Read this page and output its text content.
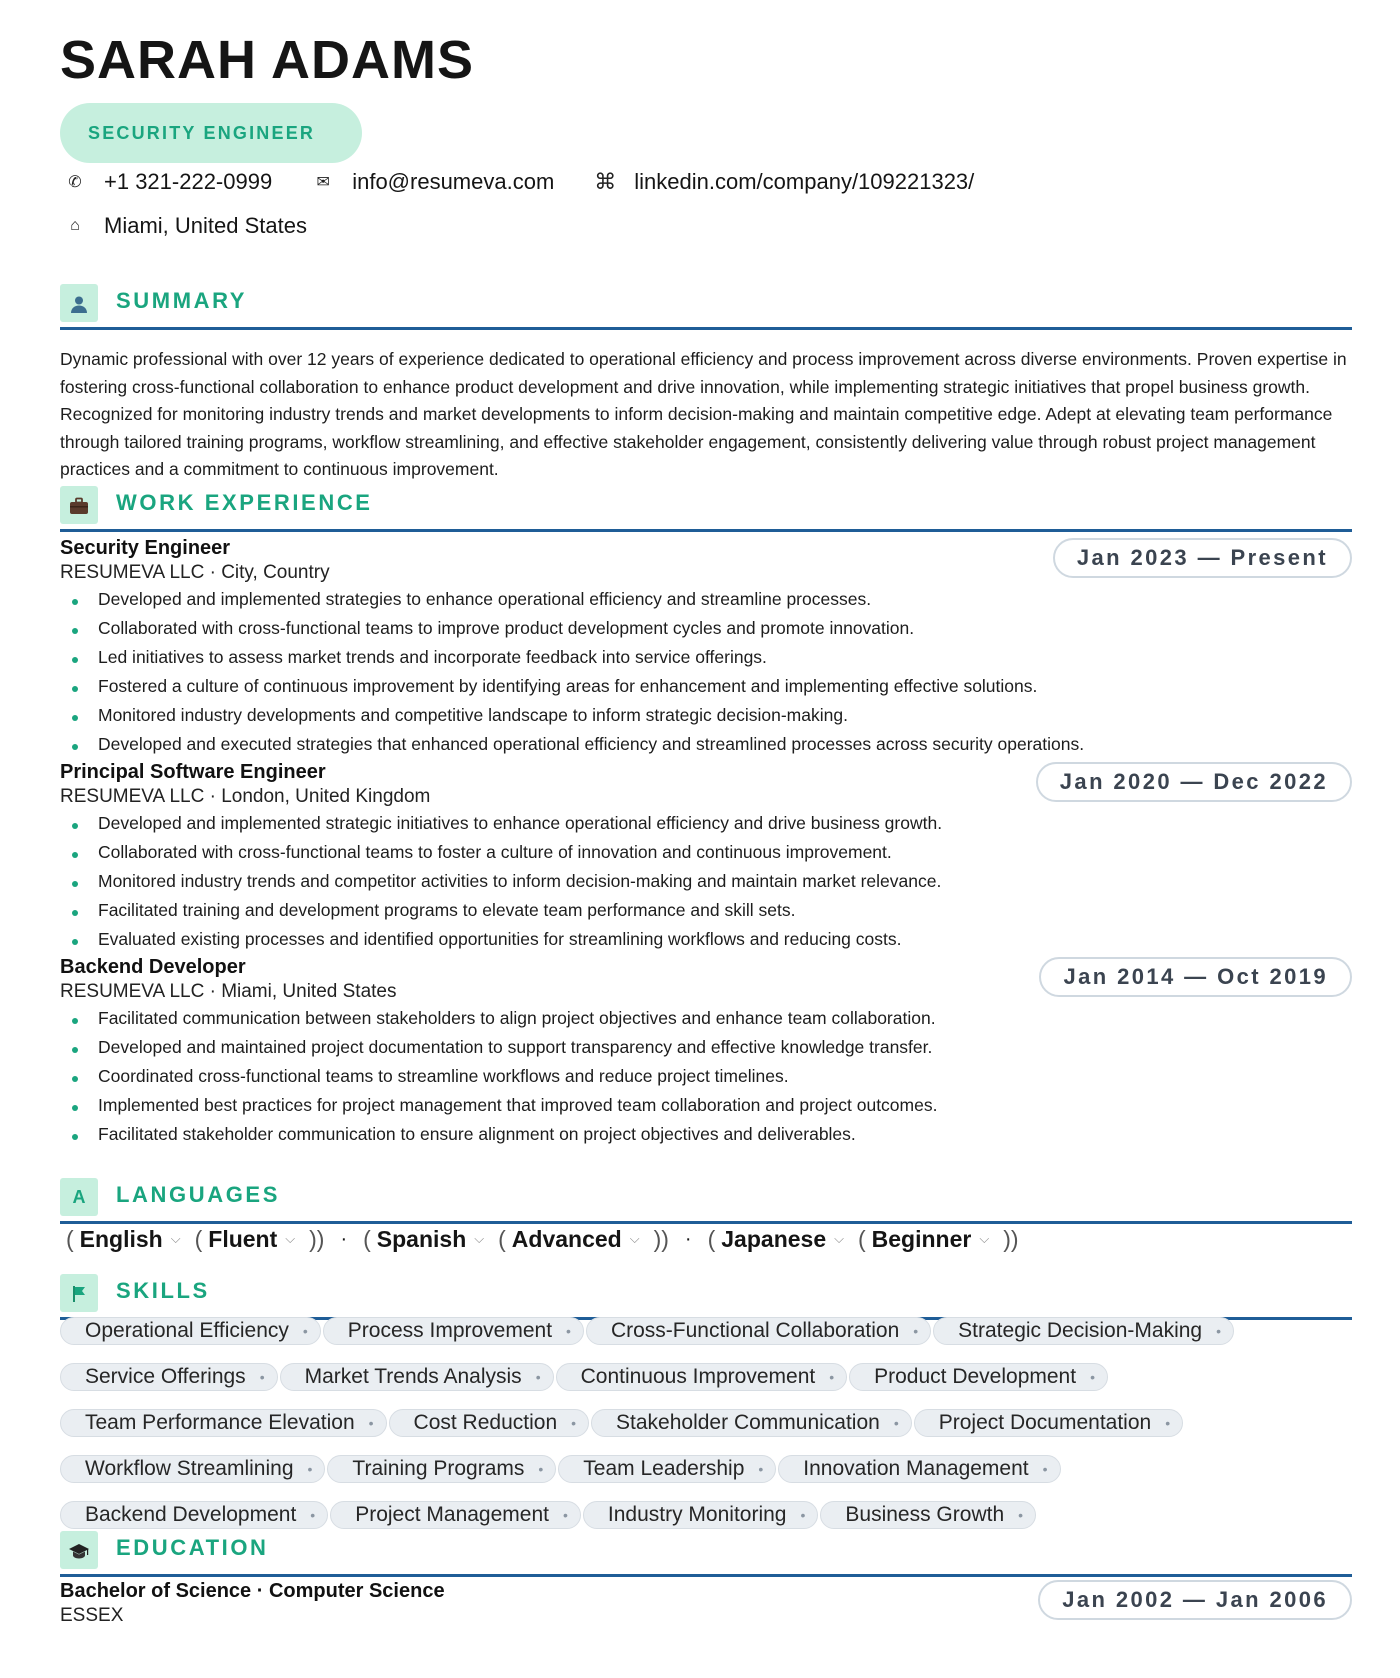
SARAH ADAMS
SECURITY ENGINEER
✆	+1 321-222-0999	✉	info@resumeva.com ⌘ linkedin.com/company/109221323/
⌂	Miami, United States
SUMMARY
Dynamic professional with over 12 years of experience dedicated to operational efficiency and process improvement across diverse environments. Proven expertise in fostering cross-functional collaboration to enhance product development and drive innovation, while implementing strategic initiatives that propel business growth. Recognized for monitoring industry trends and market developments to inform decision-making and maintain competitive edge. Adept at elevating team performance through tailored training programs, workflow streamlining, and effective stakeholder engagement, consistently delivering value through robust project management practices and a commitment to continuous improvement.
WORK EXPERIENCE
Security Engineer
RESUMEVA LLC · City, Country
Jan 2023 — Present
Developed and implemented strategies to enhance operational efficiency and streamline processes.
Collaborated with cross-functional teams to improve product development cycles and promote innovation.
Led initiatives to assess market trends and incorporate feedback into service offerings.
Fostered a culture of continuous improvement by identifying areas for enhancement and implementing effective solutions.
Monitored industry developments and competitive landscape to inform strategic decision-making.
Developed and executed strategies that enhanced operational efficiency and streamlined processes across security operations.
Principal Software Engineer
RESUMEVA LLC · London, United Kingdom
Jan 2020 — Dec 2022
Developed and implemented strategic initiatives to enhance operational efficiency and drive business growth.
Collaborated with cross-functional teams to foster a culture of innovation and continuous improvement.
Monitored industry trends and competitor activities to inform decision-making and maintain market relevance.
Facilitated training and development programs to elevate team performance and skill sets.
Evaluated existing processes and identified opportunities for streamlining workflows and reducing costs.
Backend Developer
RESUMEVA LLC · Miami, United States
Jan 2014 — Oct 2019
Facilitated communication between stakeholders to align project objectives and enhance team collaboration.
Developed and maintained project documentation to support transparency and effective knowledge transfer.
Coordinated cross-functional teams to streamline workflows and reduce project timelines.
Implemented best practices for project management that improved team collaboration and project outcomes.
Facilitated stakeholder communication to ensure alignment on project objectives and deliverables.
A	LANGUAGES
( English ⌵ ( Fluent ⌵ )) · ( Spanish ⌵ ( Advanced ⌵ )) · ( Japanese ⌵ ( Beginner ⌵ ))
SKILLS
Operational Efficiency • Process Improvement • Cross-Functional Collaboration • Strategic Decision-Making •
Service Offerings • Market Trends Analysis • Continuous Improvement • Product Development •
Team Performance Elevation • Cost Reduction • Stakeholder Communication • Project Documentation •
Workflow Streamlining • Training Programs • Team Leadership • Innovation Management •
Backend Development • Project Management • Industry Monitoring • Business Growth •
EDUCATION
Bachelor of Science · Computer Science
ESSEX
Jan 2002 — Jan 2006
